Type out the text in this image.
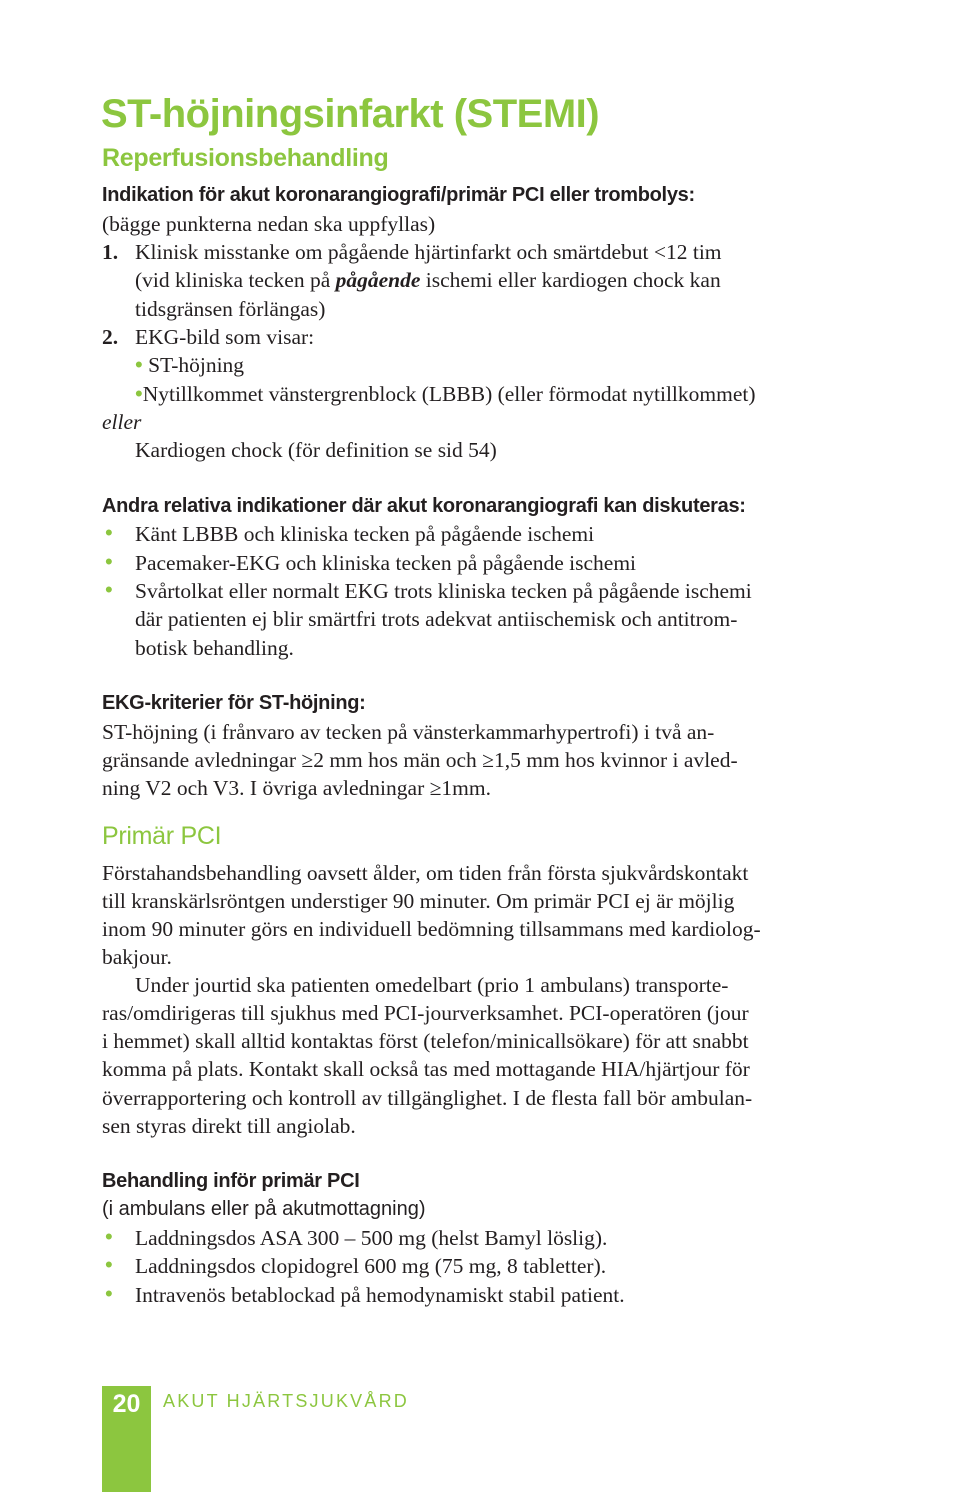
ST-höjningsinfarkt (STEMI)
Reperfusionsbehandling
Indikation för akut koronarangiografi/primär PCI eller trombolys:
(bägge punkterna nedan ska uppfyllas)
1. Klinisk misstanke om pågående hjärtinfarkt och smärtdebut <12 tim
(vid kliniska tecken på pågående ischemi eller kardiogen chock kan
tidsgränsen förlängas)
2. EKG-bild som visar:
• ST-höjning
•Nytillkommet vänstergrenblock (LBBB) (eller förmodat nytillkommet)
eller
Kardiogen chock (för definition se sid 54)
Andra relativa indikationer där akut koronarangiografi kan diskuteras:
• Känt LBBB och kliniska tecken på pågående ischemi
• Pacemaker-EKG och kliniska tecken på pågående ischemi
• Svårtolkat eller normalt EKG trots kliniska tecken på pågående ischemi
där patienten ej blir smärtfri trots adekvat antiischemisk och antitrom-
botisk behandling.
EKG-kriterier för ST-höjning:
ST-höjning (i frånvaro av tecken på vänsterkammarhypertrofi) i två an-
gränsande avledningar ≥2 mm hos män och ≥1,5 mm hos kvinnor i avled-
ning V2 och V3. I övriga avledningar ≥1mm.
Primär PCI
Förstahandsbehandling oavsett ålder, om tiden från första sjukvårdskontakt
till kranskärlsröntgen understiger 90 minuter. Om primär PCI ej är möjlig
inom 90 minuter görs en individuell bedömning tillsammans med kardiolog-
bakjour.
Under jourtid ska patienten omedelbart (prio 1 ambulans) transporte-
ras/omdirigeras till sjukhus med PCI-jourverksamhet. PCI-operatören (jour
i hemmet) skall alltid kontaktas först (telefon/minicallsökare) för att snabbt
komma på plats. Kontakt skall också tas med mottagande HIA/hjärtjour för
överrapportering och kontroll av tillgänglighet. I de flesta fall bör ambulan-
sen styras direkt till angiolab.
Behandling inför primär PCI
(i ambulans eller på akutmottagning)
• Laddningsdos ASA 300 – 500 mg (helst Bamyl löslig).
• Laddningsdos clopidogrel 600 mg (75 mg, 8 tabletter).
• Intravenös betablockad på hemodynamiskt stabil patient.
20	AKUT HJÄRTSJUKVÅRD
